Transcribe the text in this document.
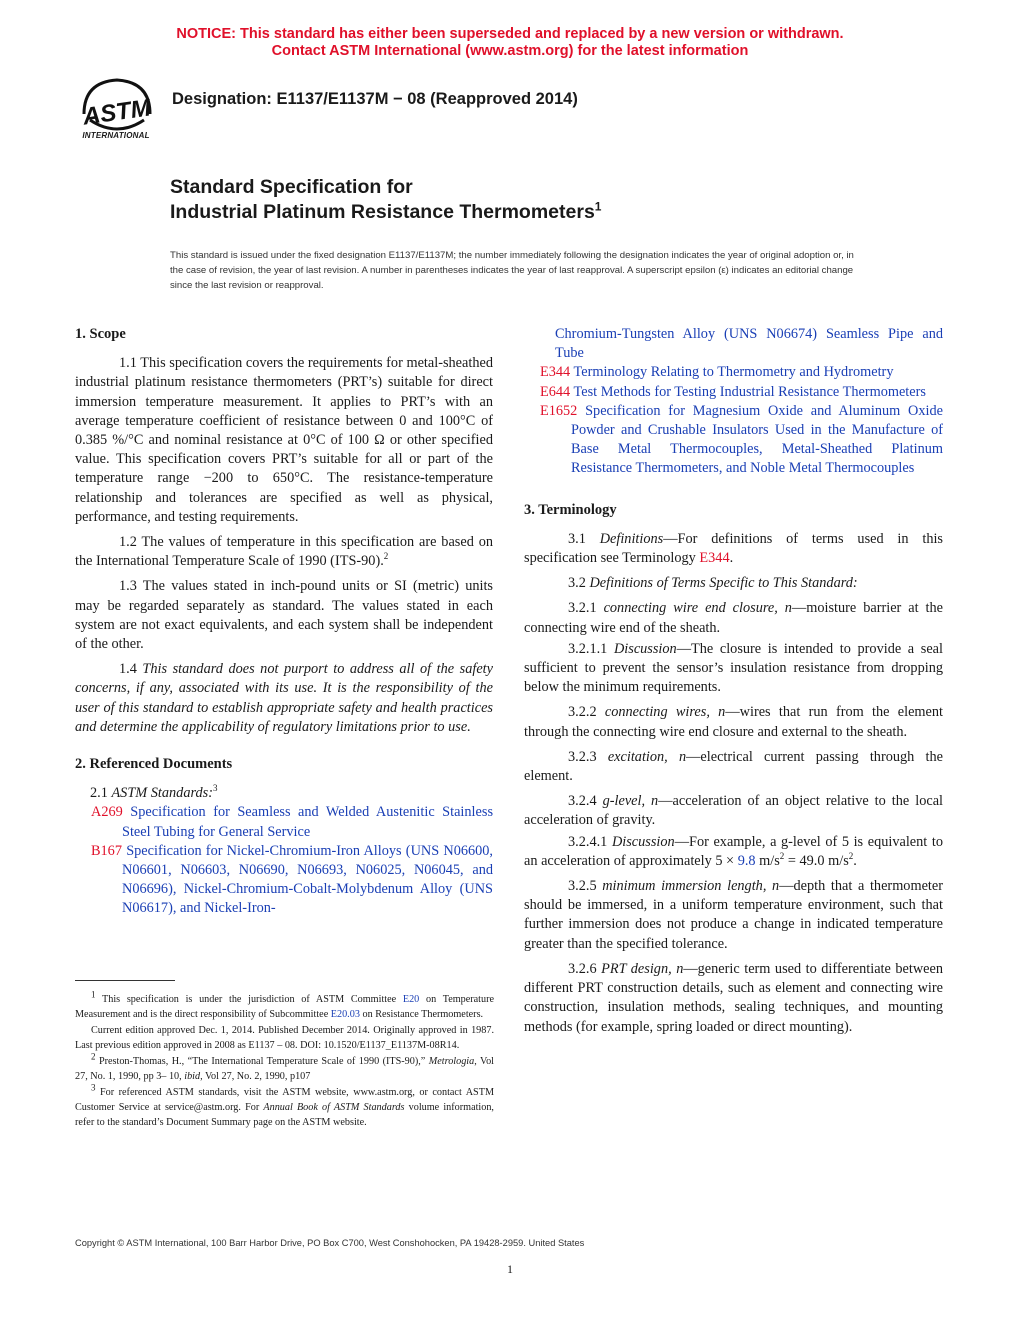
NOTICE: This standard has either been superseded and replaced by a new version or withdrawn.
Contact ASTM International (www.astm.org) for the latest information
ASTM
INTERNATIONAL
Designation: E1137/E1137M − 08 (Reapproved 2014)
Standard Specification for
Industrial Platinum Resistance Thermometers$^1$
This standard is issued under the fixed designation E1137/E1137M; the number immediately following the designation indicates the year of original adoption or, in the case of revision, the year of last revision. A number in parentheses indicates the year of last reapproval. A superscript epsilon (ε) indicates an editorial change since the last revision or reapproval.
1. Scope

1.1 This specification covers the requirements for metal-sheathed industrial platinum resistance thermometers (PRT’s) suitable for direct immersion temperature measurement. It applies to PRT’s with an average temperature coefficient of resistance between 0 and 100°C of 0.385 %/°C and nominal resistance at 0°C of 100 Ω or other specified value. This specification covers PRT’s suitable for all or part of the temperature range −200 to 650°C. The resistance-temperature relationship and tolerances are specified as well as physical, performance, and testing requirements.

1.2 The values of temperature in this specification are based on the International Temperature Scale of 1990 (ITS-90).$^2$

1.3 The values stated in inch-pound units or SI (metric) units may be regarded separately as standard. The values stated in each system are not exact equivalents, and each system shall be independent of the other.

1.4 This standard does not purport to address all of the safety concerns, if any, associated with its use. It is the responsibility of the user of this standard to establish appropriate safety and health practices and determine the applicability of regulatory limitations prior to use.

2. Referenced Documents

2.1 ASTM Standards:$^3$

A269 Specification for Seamless and Welded Austenitic Stainless Steel Tubing for General Service
B167 Specification for Nickel-Chromium-Iron Alloys (UNS N06600, N06601, N06603, N06690, N06693, N06025, N06045, and N06696), Nickel-Chromium-Cobalt-Molybdenum Alloy (UNS N06617), and Nickel-Iron-

$^1$ This specification is under the jurisdiction of ASTM Committee E20 on Temperature Measurement and is the direct responsibility of Subcommittee E20.03 on Resistance Thermometers.

Current edition approved Dec. 1, 2014. Published December 2014. Originally approved in 1987. Last previous edition approved in 2008 as E1137 – 08. DOI: 10.1520/E1137_E1137M-08R14.

$^2$ Preston-Thomas, H., “The International Temperature Scale of 1990 (ITS-90),” Metrologia, Vol 27, No. 1, 1990, pp 3– 10, ibid, Vol 27, No. 2, 1990, p107

$^3$ For referenced ASTM standards, visit the ASTM website, www.astm.org, or contact ASTM Customer Service at service@astm.org. For Annual Book of ASTM Standards volume information, refer to the standard’s Document Summary page on the ASTM website.

Chromium-Tungsten Alloy (UNS N06674) Seamless Pipe and Tube
E344 Terminology Relating to Thermometry and Hydrometry
E644 Test Methods for Testing Industrial Resistance Thermometers
E1652 Specification for Magnesium Oxide and Aluminum Oxide Powder and Crushable Insulators Used in the Manufacture of Base Metal Thermocouples, Metal-Sheathed Platinum Resistance Thermometers, and Noble Metal Thermocouples
3. Terminology

3.1 Definitions—For definitions of terms used in this specification see Terminology E344.

3.2 Definitions of Terms Specific to This Standard:

3.2.1 connecting wire end closure, n—moisture barrier at the connecting wire end of the sheath.

3.2.1.1 Discussion—The closure is intended to provide a seal sufficient to prevent the sensor’s insulation resistance from dropping below the minimum requirements.

3.2.2 connecting wires, n—wires that run from the element through the connecting wire end closure and external to the sheath.

3.2.3 excitation, n—electrical current passing through the element.

3.2.4 g-level, n—acceleration of an object relative to the local acceleration of gravity.

3.2.4.1 Discussion—For example, a g-level of 5 is equivalent to an acceleration of approximately 5 × 9.8 $m/s^2 = 49.0$ $m/s^2$.

3.2.5 minimum immersion length, n—depth that a thermometer should be immersed, in a uniform temperature environment, such that further immersion does not produce a change in indicated temperature greater than the specified tolerance.

3.2.6 PRT design, n—generic term used to differentiate between different PRT construction details, such as element and connecting wire construction, insulation methods, sealing techniques, and mounting methods (for example, spring loaded or direct mounting).

Copyright © ASTM International, 100 Barr Harbor Drive, PO Box C700, West Conshohocken, PA 19428-2959. United States
1
